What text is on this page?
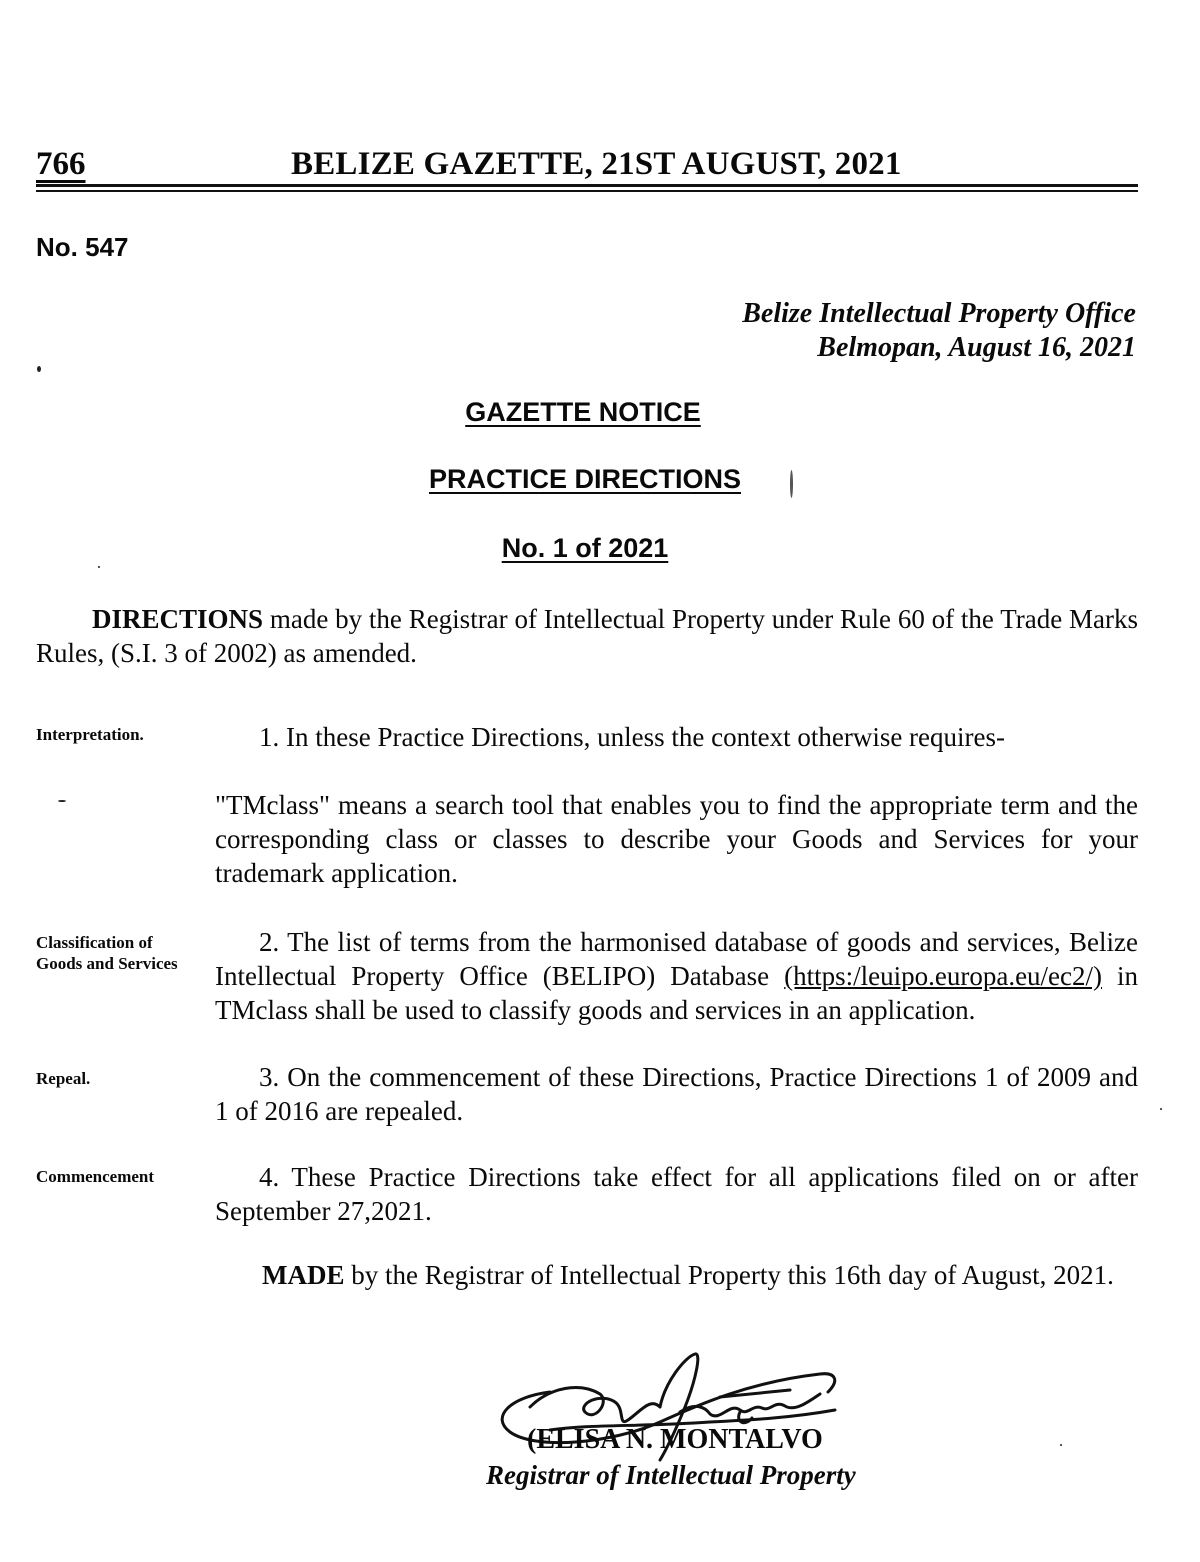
766	BELIZE GAZETTE, 21ST AUGUST, 2021
No. 547
Belize Intellectual Property Office
Belmopan, August 16, 2021
GAZETTE NOTICE
PRACTICE DIRECTIONS
No. 1 of 2021
DIRECTIONS made by the Registrar of Intellectual Property under Rule 60 of the Trade Marks Rules, (S.I. 3 of 2002) as amended.
Interpretation.	1. In these Practice Directions, unless the context otherwise requires-
"TMclass" means a search tool that enables you to find the appropriate term and the corresponding class or classes to describe your Goods and Services for your trademark application.
Classification of Goods and Services
2. The list of terms from the harmonised database of goods and services, Belize Intellectual Property Office (BELIPO) Database (https:/leuipo.europa.eu/ec2/) in TMclass shall be used to classify goods and services in an application.
Repeal.	3. On the commencement of these Directions, Practice Directions 1 of 2009 and 1 of 2016 are repealed.
Commencement	4. These Practice Directions take effect for all applications filed on or after September 27,2021.
MADE by the Registrar of Intellectual Property this 16th day of August, 2021.
(ELISA N. MONTALVO
Registrar of Intellectual Property
